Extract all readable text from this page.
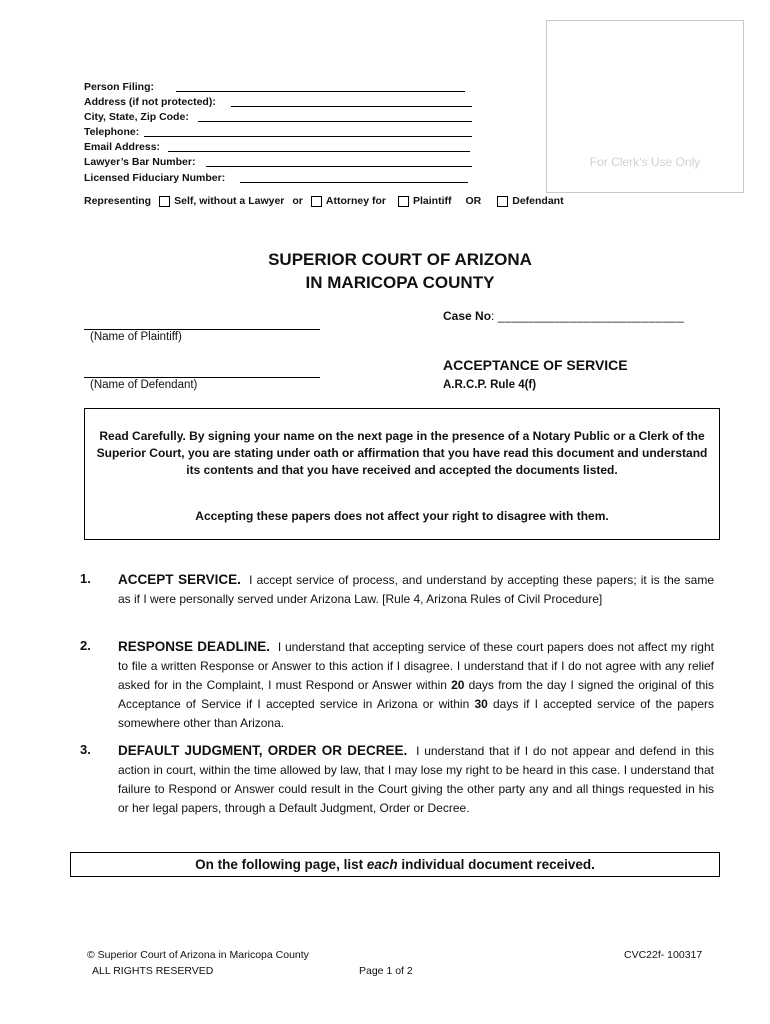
For Clerk’s Use Only
Person Filing:
Address (if not protected):
City, State, Zip Code:
Telephone:
Email Address:
Lawyer’s Bar Number:
Licensed Fiduciary Number:
Representing Self, without a Lawyer or Attorney for	Plaintiff OR	Defendant
SUPERIOR COURT OF ARIZONA
IN MARICOPA COUNTY
Case No: __________________________
(Name of Plaintiff)
(Name of Defendant)
ACCEPTANCE OF SERVICE
A.R.C.P. Rule 4(f)
Read Carefully. By signing your name on the next page in the presence of a Notary Public or a Clerk of the Superior Court, you are stating under oath or affirmation that you have read this document and understand its contents and that you have received and accepted the documents listed.
Accepting these papers does not affect your right to disagree with them.
1. ACCEPT SERVICE. I accept service of process, and understand by accepting these papers; it is the same as if I were personally served under Arizona Law. [Rule 4, Arizona Rules of Civil Procedure]
2. RESPONSE DEADLINE. I understand that accepting service of these court papers does not affect my right to file a written Response or Answer to this action if I disagree. I understand that if I do not agree with any relief asked for in the Complaint, I must Respond or Answer within 20 days from the day I signed the original of this Acceptance of Service if I accepted service in Arizona or within 30 days if I accepted service of the papers somewhere other than Arizona.
3. DEFAULT JUDGMENT, ORDER OR DECREE. I understand that if I do not appear and defend in this action in court, within the time allowed by law, that I may lose my right to be heard in this case. I understand that failure to Respond or Answer could result in the Court giving the other party any and all things requested in his or her legal papers, through a Default Judgment, Order or Decree.
On the following page, list each individual document received.
© Superior Court of Arizona in Maricopa County
ALL RIGHTS RESERVED	Page 1 of 2
CVC22f- 100317
